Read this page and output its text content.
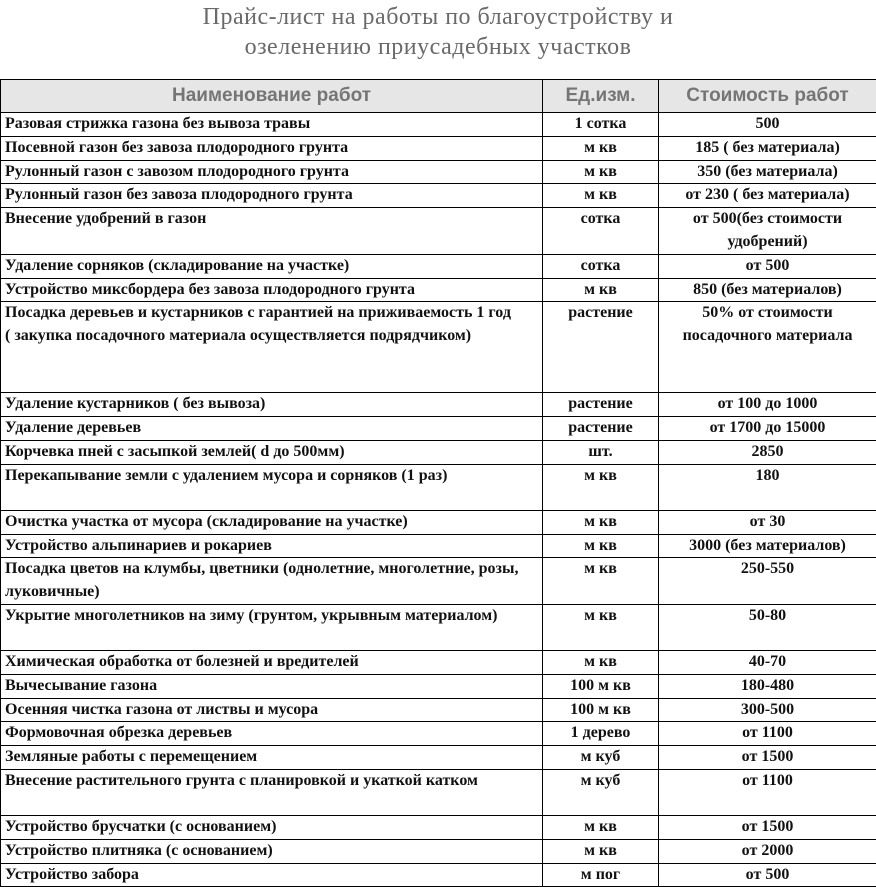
Прайс-лист на работы по благоустройству и
озеленению приусадебных участков
Наименование работ	Ед.изм.	Стоимость работ
Разовая стрижка газона без вывоза травы	1 сотка	500
Посевной газон без завоза плодородного грунта	м кв	185 ( без материала)
Рулонный газон с завозом плодородного грунта	м кв	350 (без материала)
Рулонный газон без завоза плодородного грунта	м кв	от 230 ( без материала)
Внесение удобрений в газон	сотка	от 500(без стоимости удобрений)
Удаление сорняков (складирование на участке)	сотка	от 500
Устройство миксбордера без завоза плодородного грунта	м кв	850 (без материалов)
Посадка деревьев и кустарников с гарантией на приживаемость 1 год
( закупка посадочного материала осуществляется подрядчиком)	растение	50% от стоимости посадочного материала
Удаление кустарников ( без вывоза)	растение	от 100 до 1000
Удаление деревьев	растение	от 1700 до 15000
Корчевка пней с засыпкой землей( d до 500мм)	шт.	2850
Перекапывание земли с удалением мусора и сорняков (1 раз)	м кв	180
Очистка участка от мусора (складирование на участке)	м кв	от 30
Устройство альпинариев и рокариев	м кв	3000 (без материалов)
Посадка цветов на клумбы, цветники (однолетние, многолетние, розы, луковичные)	м кв	250-550
Укрытие многолетников на зиму (грунтом, укрывным материалом)	м кв	50-80
Химическая обработка от болезней и вредителей	м кв	40-70
Вычесывание газона	100 м кв	180-480
Осенняя чистка газона от листвы и мусора	100 м кв	300-500
Формовочная обрезка деревьев	1 дерево	от 1100
Земляные работы с перемещением	м куб	от 1500
Внесение растительного грунта с планировкой и укаткой катком	м куб	от 1100
Устройство брусчатки (с основанием)	м кв	от 1500
Устройство плитняка (с основанием)	м кв	от 2000
Устройство забора	м пог	от 500
